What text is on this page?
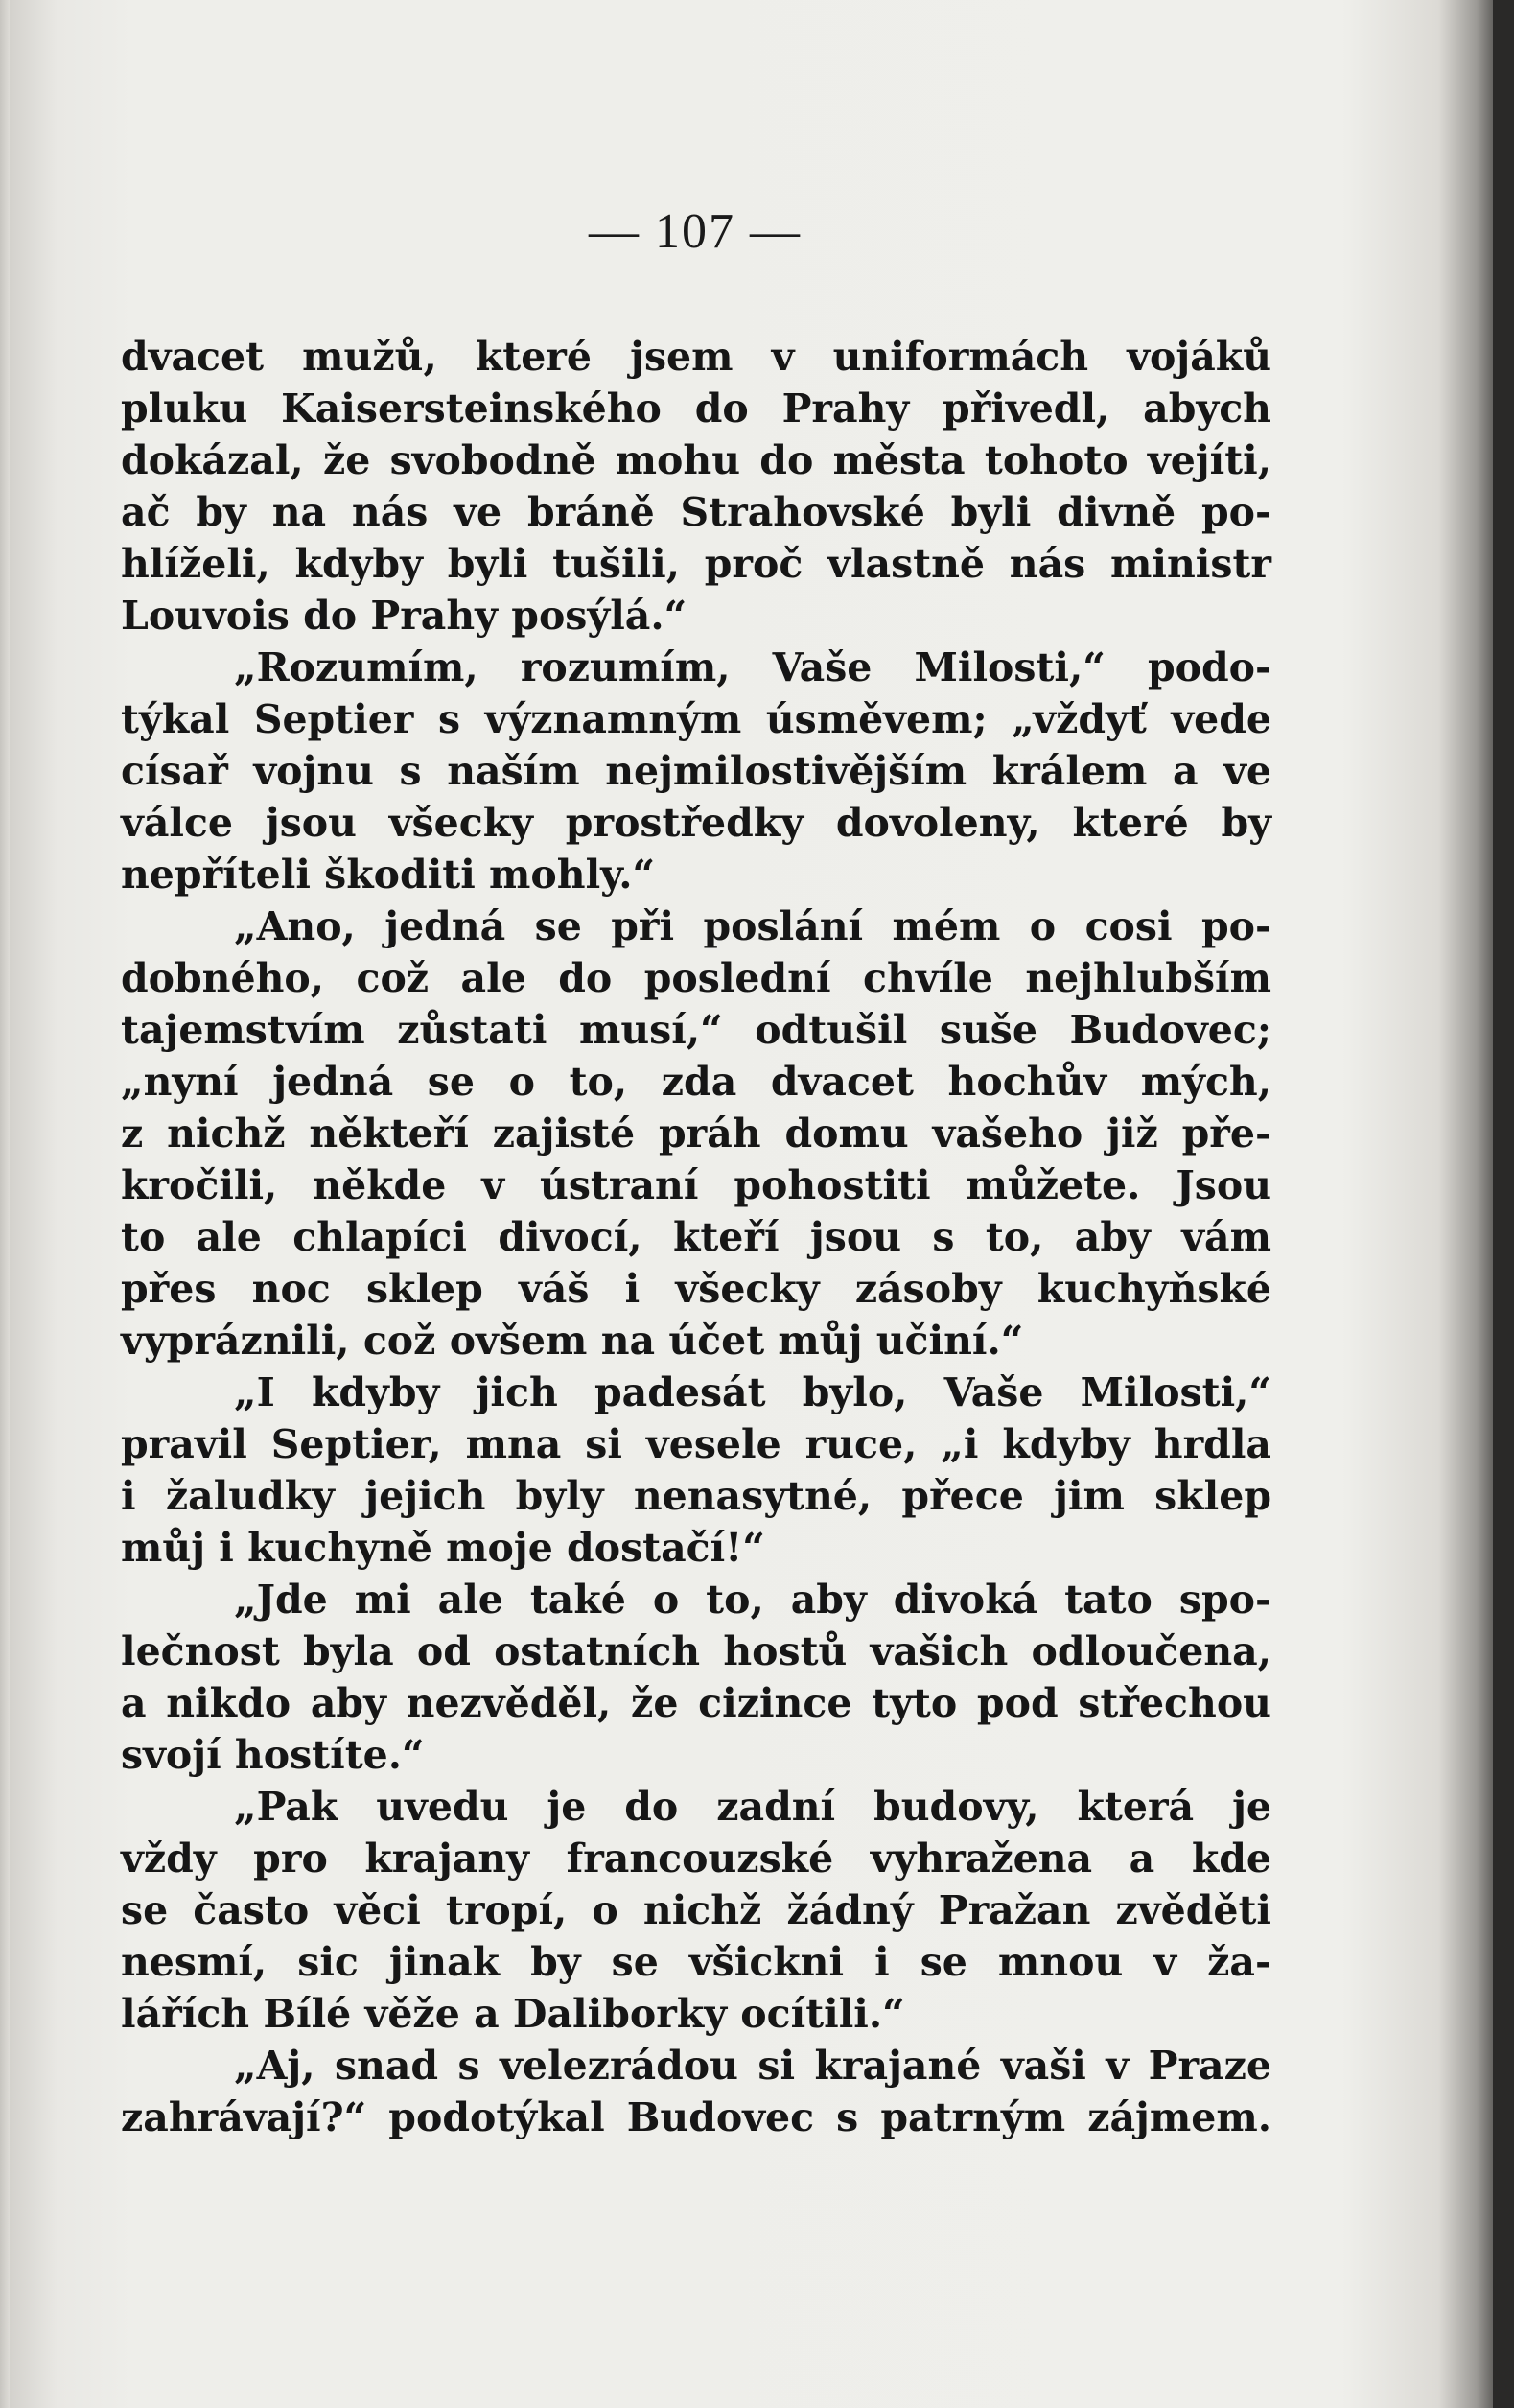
— 107 —
dvacet mužů, které jsem v uniformách vojáků
pluku Kaisersteinského do Prahy přivedl, abych
dokázal, že svobodně mohu do města tohoto vejíti,
ač by na nás ve bráně Strahovské byli divně po-
hlíželi, kdyby byli tušili, proč vlastně nás ministr
Louvois do Prahy posýlá.“
„Rozumím, rozumím, Vaše Milosti,“ podo-
týkal Septier s významným úsměvem; „vždyť vede
císař vojnu s naším nejmilostivějším králem a ve
válce jsou všecky prostředky dovoleny, které by
nepříteli škoditi mohly.“
„Ano, jedná se při poslání mém o cosi po-
dobného, což ale do poslední chvíle nejhlubším
tajemstvím zůstati musí,“ odtušil suše Budovec;
„nyní jedná se o to, zda dvacet hochův mých,
z nichž někteří zajisté práh domu vašeho již pře-
kročili, někde v ústraní pohostiti můžete. Jsou
to ale chlapíci divocí, kteří jsou s to, aby vám
přes noc sklep váš i všecky zásoby kuchyňské
vypráznili, což ovšem na účet můj učiní.“
„I kdyby jich padesát bylo, Vaše Milosti,“
pravil Septier, mna si vesele ruce, „i kdyby hrdla
i žaludky jejich byly nenasytné, přece jim sklep
můj i kuchyně moje dostačí!“
„Jde mi ale také o to, aby divoká tato spo-
lečnost byla od ostatních hostů vašich odloučena,
a nikdo aby nezvěděl, že cizince tyto pod střechou
svojí hostíte.“
„Pak uvedu je do zadní budovy, která je
vždy pro krajany francouzské vyhražena a kde
se často věci tropí, o nichž žádný Pražan zvěděti
nesmí, sic jinak by se všickni i se mnou v ža-
lářích Bílé věže a Daliborky ocítili.“
„Aj, snad s velezrádou si krajané vaši v Praze
zahrávají?“ podotýkal Budovec s patrným zájmem.
